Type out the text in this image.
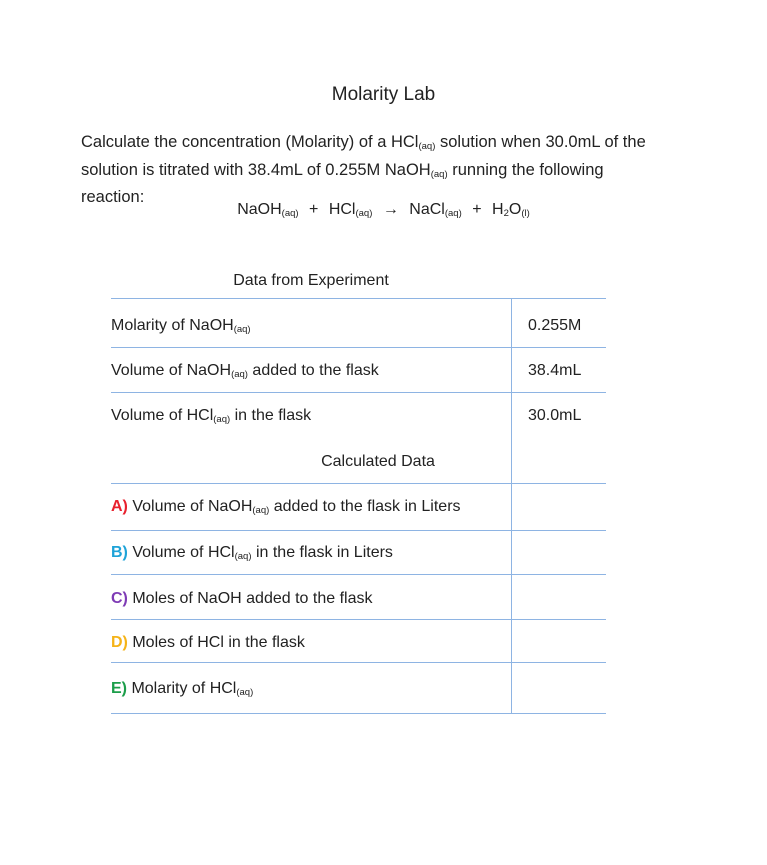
Molarity Lab

Calculate the concentration (Molarity) of a HCl$_{(aq)}$ solution when 30.0mL of the

solution is titrated with 38.4mL of 0.255M NaOH$_{(aq)}$ running the following

reaction:

NaOH$_{(aq)}$ + HCl$_{(aq)}$ → NaCl$_{(aq)}$ + $H_2O_{(l)}$
Data from Experiment
Molarity of NaOH$_{(aq)}$	0.255M
Volume of NaOH$_{(aq)}$ added to the flask	38.4mL
Volume of HCl$_{(aq)}$ in the flask	30.0mL
Calculated Data
A) Volume of NaOH$_{(aq)}$ added to the flask in Liters
B) Volume of HCl$_{(aq)}$ in the flask in Liters
C) Moles of NaOH added to the flask
D) Moles of HCl in the flask
E) Molarity of HCl$_{(aq)}$
